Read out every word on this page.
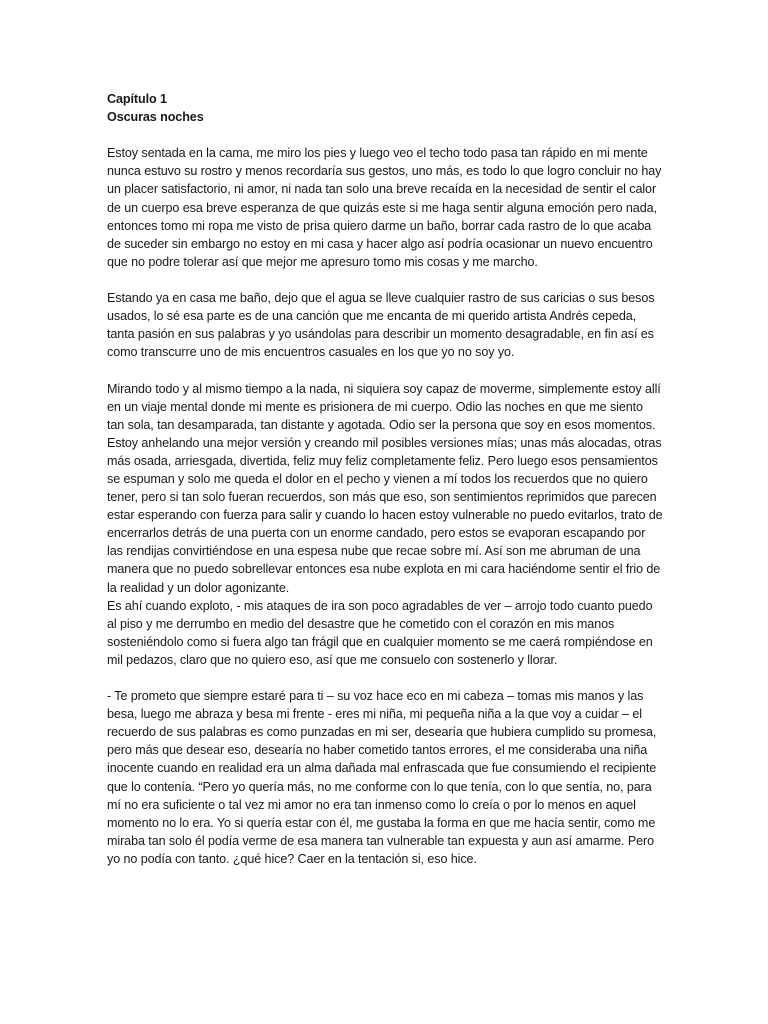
Capítulo 1

Oscuras noches

Estoy sentada en la cama, me miro los pies y luego veo el techo todo pasa tan rápido en mi mente nunca estuvo su rostro y menos recordaría sus gestos, uno más, es todo lo que logro concluir no hay un placer satisfactorio, ni amor, ni nada tan solo una breve recaída en la necesidad de sentir el calor de un cuerpo esa breve esperanza de que quizás este si me haga sentir alguna emoción pero nada, entonces tomo mi ropa me visto de prisa quiero darme un baño, borrar cada rastro de lo que acaba de suceder sin embargo no estoy en mi casa y hacer algo así podría ocasionar un nuevo encuentro que no podre tolerar así que mejor me apresuro tomo mis cosas y me marcho.

Estando ya en casa me baño, dejo que el agua se lleve cualquier rastro de sus caricias o sus besos usados, lo sé esa parte es de una canción que me encanta de mi querido artista Andrés cepeda, tanta pasión en sus palabras y yo usándolas para describir un momento desagradable, en fin así es como transcurre uno de mis encuentros casuales en los que yo no soy yo.

Mirando todo y al mismo tiempo a la nada, ni siquiera soy capaz de moverme, simplemente estoy allí en un viaje mental donde mi mente es prisionera de mi cuerpo. Odio las noches en que me siento tan sola, tan desamparada, tan distante y agotada. Odio ser la persona que soy en esos momentos. Estoy anhelando una mejor versión y creando mil posibles versiones mías; unas más alocadas, otras más osada, arriesgada, divertida, feliz muy feliz completamente feliz. Pero luego esos pensamientos se espuman y solo me queda el dolor en el pecho y vienen a mí todos los recuerdos que no quiero tener, pero si tan solo fueran recuerdos, son más que eso, son sentimientos reprimidos que parecen estar esperando con fuerza para salir y cuando lo hacen estoy vulnerable no puedo evitarlos, trato de encerrarlos detrás de una puerta con un enorme candado, pero estos se evaporan escapando por las rendijas convirtiéndose en una espesa nube que recae sobre mí. Así son me abruman de una manera que no puedo sobrellevar entonces esa nube explota en mi cara haciéndome sentir el frio de la realidad y un dolor agonizante.

Es ahí cuando exploto, - mis ataques de ira son poco agradables de ver – arrojo todo cuanto puedo al piso y me derrumbo en medio del desastre que he cometido con el corazón en mis manos sosteniéndolo como si fuera algo tan frágil que en cualquier momento se me caerá rompiéndose en mil pedazos, claro que no quiero eso, así que me consuelo con sostenerlo y llorar.

- Te prometo que siempre estaré para ti – su voz hace eco en mi cabeza – tomas mis manos y las besa, luego me abraza y besa mi frente - eres mi niña, mi pequeña niña a la que voy a cuidar – el recuerdo de sus palabras es como punzadas en mi ser, desearía que hubiera cumplido su promesa, pero más que desear eso, desearía no haber cometido tantos errores, el me consideraba una niña inocente cuando en realidad era un alma dañada mal enfrascada que fue consumiendo el recipiente que lo contenía. “Pero yo quería más, no me conforme con lo que tenía, con lo que sentía, no, para mí no era suficiente o tal vez mi amor no era tan inmenso como lo creía o por lo menos en aquel momento no lo era. Yo si quería estar con él, me gustaba la forma en que me hacía sentir, como me miraba tan solo él podía verme de esa manera tan vulnerable tan expuesta y aun así amarme. Pero yo no podía con tanto. ¿qué hice? Caer en la tentación si, eso hice.
